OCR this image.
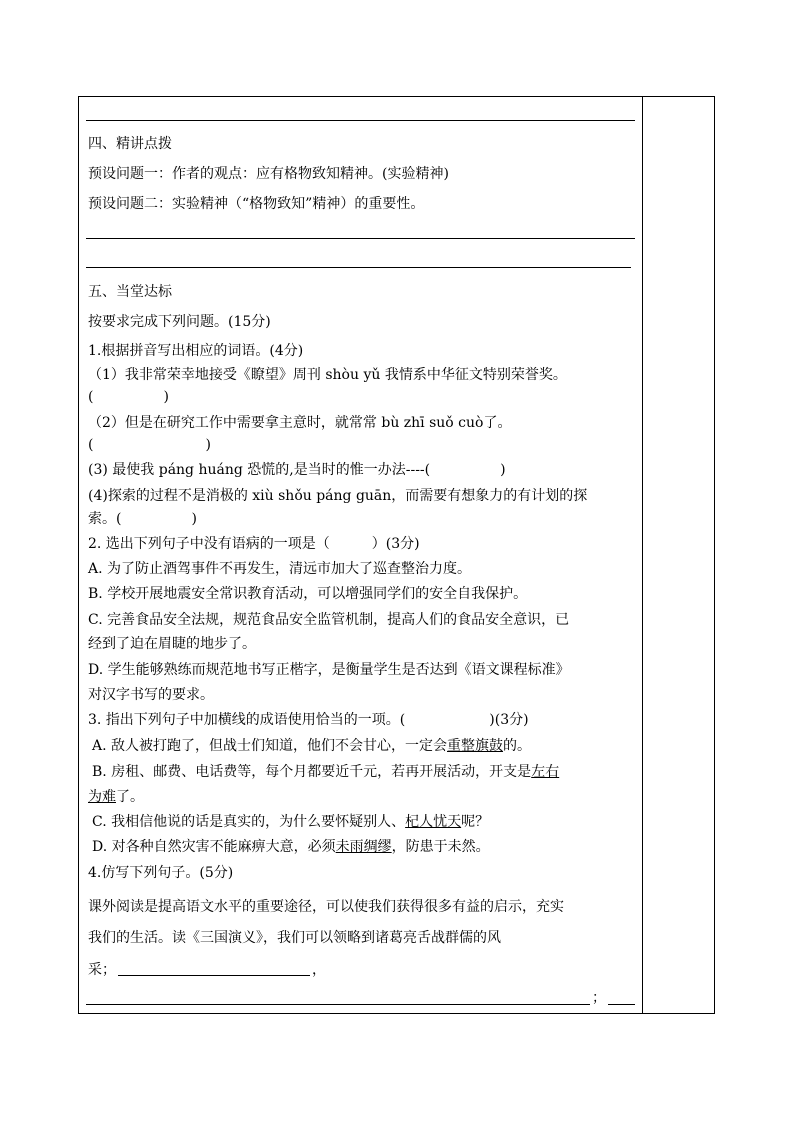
四、精讲点拨
预设问题一：作者的观点：应有格物致知精神。(实验精神)
预设问题二：实验精神（“格物致知”精神）的重要性。
五、当堂达标
按要求完成下列问题。(15分)
1.根据拼音写出相应的词语。(4分)
（1）我非常荣幸地接受《瞭望》周刊 shòu yǔ 我情系中华征文特别荣誉奖。
(　　　　　)
（2）但是在研究工作中需要拿主意时，就常常 bù zhī suǒ cuò了。
(　　　　　　　　)
(3) 最使我 páng huáng 恐慌的,是当时的惟一办法----(　　　　　)
(4)探索的过程不是消极的 xiù shǒu páng guān，而需要有想象力的有计划的探
索。(　　　　　)
2. 选出下列句子中没有语病的一项是（　　　）(3分)
A. 为了防止酒驾事件不再发生，清远市加大了巡查整治力度。
B. 学校开展地震安全常识教育活动，可以增强同学们的安全自我保护。
C. 完善食品安全法规，规范食品安全监管机制，提高人们的食品安全意识，已
经到了迫在眉睫的地步了。
D. 学生能够熟练而规范地书写正楷字，是衡量学生是否达到《语文课程标准》
对汉字书写的要求。
3. 指出下列句子中加横线的成语使用恰当的一项。(　　　　　　)(3分)
A. 敌人被打跑了，但战士们知道，他们不会甘心，一定会重整旗鼓的。
B. 房租、邮费、电话费等，每个月都要近千元，若再开展活动，开支是左右
为难了。
C. 我相信他说的话是真实的，为什么要怀疑别人、杞人忧天呢？
D. 对各种自然灾害不能麻痹大意，必须未雨绸缪，防患于未然。
4.仿写下列句子。(5分)
课外阅读是提高语文水平的重要途径，可以使我们获得很多有益的启示，充实
我们的生活。读《三国演义》，我们可以领略到诸葛亮舌战群儒的风
采；	，
；
